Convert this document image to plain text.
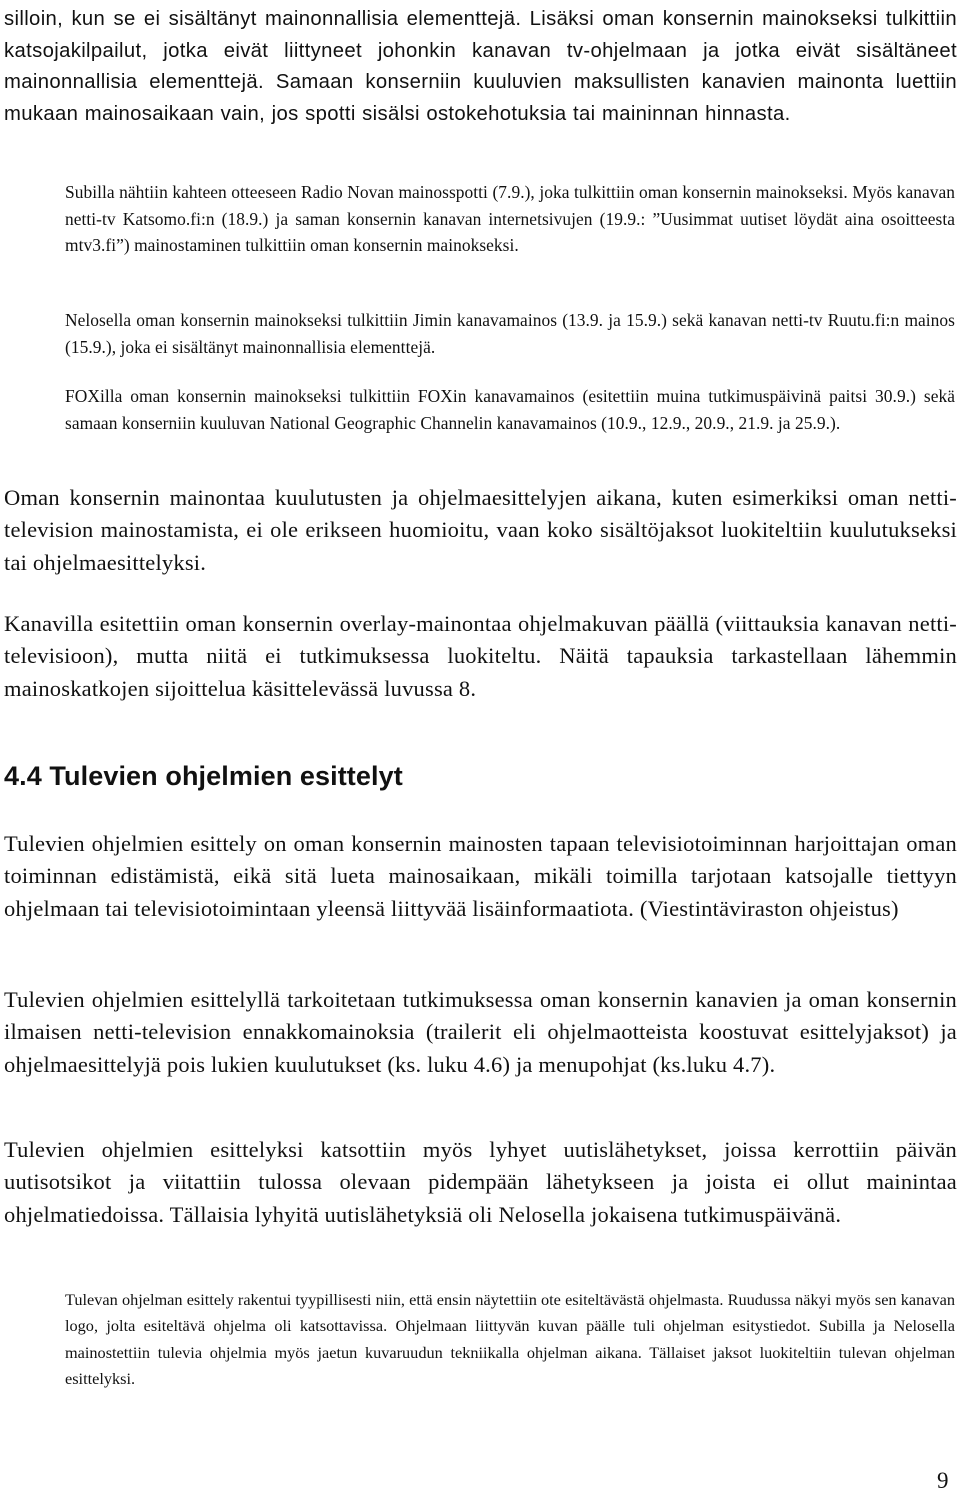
silloin, kun se ei sisältänyt mainonnallisia elementtejä. Lisäksi oman konsernin mainokseksi tulkittiin katsojakilpailut, jotka eivät liittyneet johonkin kanavan tv-ohjelmaan ja jotka eivät sisältäneet mainonnallisia elementtejä. Samaan konserniin kuuluvien maksullisten kanavien mainonta luettiin mukaan mainosaikaan vain, jos spotti sisälsi ostokehotuksia tai maininnan hinnasta.

Subilla nähtiin kahteen otteeseen Radio Novan mainosspotti (7.9.), joka tulkittiin oman konsernin mainokseksi. Myös kanavan netti-tv Katsomo.fi:n (18.9.) ja saman konsernin kanavan internetsivujen (19.9.: ”Uusimmat uutiset löydät aina osoitteesta mtv3.fi”) mainostaminen tulkittiin oman konsernin mainokseksi.

Nelosella oman konsernin mainokseksi tulkittiin Jimin kanavamainos (13.9. ja 15.9.) sekä kanavan netti-tv Ruutu.fi:n mainos (15.9.), joka ei sisältänyt mainonnallisia elementtejä.

FOXilla oman konsernin mainokseksi tulkittiin FOXin kanavamainos (esitettiin muina tutkimuspäivinä paitsi 30.9.) sekä samaan konserniin kuuluvan National Geographic Channelin kanavamainos (10.9., 12.9., 20.9., 21.9. ja 25.9.).

Oman konsernin mainontaa kuulutusten ja ohjelmaesittelyjen aikana, kuten esimerkiksi oman netti-television mainostamista, ei ole erikseen huomioitu, vaan koko sisältöjaksot luokiteltiin kuulutukseksi tai ohjelmaesittelyksi.

Kanavilla esitettiin oman konsernin overlay-mainontaa ohjelmakuvan päällä (viittauksia kanavan netti-televisioon), mutta niitä ei tutkimuksessa luokiteltu. Näitä tapauksia tarkastellaan lähemmin mainoskatkojen sijoittelua käsittelevässä luvussa 8.

4.4 Tulevien ohjelmien esittelyt

Tulevien ohjelmien esittely on oman konsernin mainosten tapaan televisiotoiminnan harjoittajan oman toiminnan edistämistä, eikä sitä lueta mainosaikaan, mikäli toimilla tarjotaan katsojalle tiettyyn ohjelmaan tai televisiotoimintaan yleensä liittyvää lisäinformaatiota. (Viestintäviraston ohjeistus)

Tulevien ohjelmien esittelyllä tarkoitetaan tutkimuksessa oman konsernin kanavien ja oman konsernin ilmaisen netti-television ennakkomainoksia (trailerit eli ohjelmaotteista koostuvat esittelyjaksot) ja ohjelmaesittelyjä pois lukien kuulutukset (ks. luku 4.6) ja menupohjat (ks.luku 4.7).

Tulevien ohjelmien esittelyksi katsottiin myös lyhyet uutislähetykset, joissa kerrottiin päivän uutisotsikot ja viitattiin tulossa olevaan pidempään lähetykseen ja joista ei ollut mainintaa ohjelmatiedoissa. Tällaisia lyhyitä uutislähetyksiä oli Nelosella jokaisena tutkimuspäivänä.

Tulevan ohjelman esittely rakentui tyypillisesti niin, että ensin näytettiin ote esiteltävästä ohjelmasta. Ruudussa näkyi myös sen kanavan logo, jolta esiteltävä ohjelma oli katsottavissa. Ohjelmaan liittyvän kuvan päälle tuli ohjelman esitystiedot. Subilla ja Nelosella mainostettiin tulevia ohjelmia myös jaetun kuvaruudun tekniikalla ohjelman aikana. Tällaiset jaksot luokiteltiin tulevan ohjelman esittelyksi.

9
